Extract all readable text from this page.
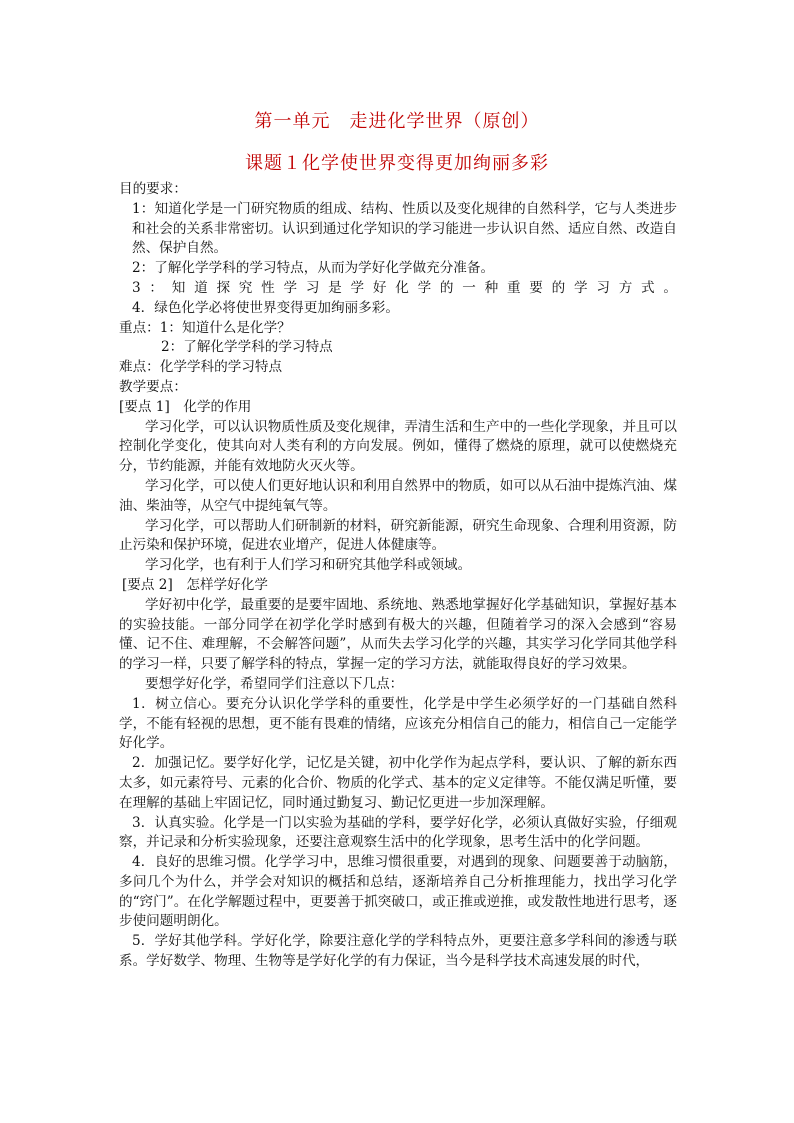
第一单元　走进化学世界（原创）
课题１化学使世界变得更加绚丽多彩

目的要求：

1：知道化学是一门研究物质的组成、结构、性质以及变化规律的自然科学，它与人类进步和社会的关系非常密切。认识到通过化学知识的学习能进一步认识自然、适应自然、改造自然、保护自然。

2：了解化学学科的学习特点，从而为学好化学做充分准备。

3：知道探究性学习是学好化学的一种重要的学习方式。

4．绿色化学必将使世界变得更加绚丽多彩。

重点：1：知道什么是化学？

2：了解化学学科的学习特点

难点：化学学科的学习特点

教学要点：

[要点 1]　化学的作用

学习化学，可以认识物质性质及变化规律，弄清生活和生产中的一些化学现象，并且可以控制化学变化，使其向对人类有利的方向发展。例如，懂得了燃烧的原理，就可以使燃烧充分，节约能源，并能有效地防火灭火等。

学习化学，可以使人们更好地认识和利用自然界中的物质，如可以从石油中提炼汽油、煤油、柴油等，从空气中提纯氧气等。

学习化学，可以帮助人们研制新的材料，研究新能源，研究生命现象、合理利用资源，防止污染和保护环境，促进农业增产，促进人体健康等。

学习化学，也有利于人们学习和研究其他学科或领域。

[要点 2]　怎样学好化学

学好初中化学，最重要的是要牢固地、系统地、熟悉地掌握好化学基础知识，掌握好基本的实验技能。一部分同学在初学化学时感到有极大的兴趣，但随着学习的深入会感到“容易懂、记不住、难理解，不会解答问题”，从而失去学习化学的兴趣，其实学习化学同其他学科的学习一样，只要了解学科的特点，掌握一定的学习方法，就能取得良好的学习效果。

要想学好化学，希望同学们注意以下几点：

1．树立信心。要充分认识化学学科的重要性，化学是中学生必须学好的一门基础自然科学，不能有轻视的思想，更不能有畏难的情绪，应该充分相信自己的能力，相信自己一定能学好化学。

2．加强记忆。要学好化学，记忆是关键，初中化学作为起点学科，要认识、了解的新东西太多，如元素符号、元素的化合价、物质的化学式、基本的定义定律等。不能仅满足听懂，要在理解的基础上牢固记忆，同时通过勤复习、勤记忆更进一步加深理解。

3．认真实验。化学是一门以实验为基础的学科，要学好化学，必须认真做好实验，仔细观察，并记录和分析实验现象，还要注意观察生活中的化学现象，思考生活中的化学问题。

4．良好的思维习惯。化学学习中，思维习惯很重要，对遇到的现象、问题要善于动脑筋，多问几个为什么，并学会对知识的概括和总结，逐渐培养自己分析推理能力，找出学习化学的“窍门”。在化学解题过程中，更要善于抓突破口，或正推或逆推，或发散性地进行思考，逐步使问题明朗化。

5．学好其他学科。学好化学，除要注意化学的学科特点外，更要注意多学科间的渗透与联系。学好数学、物理、生物等是学好化学的有力保证，当今是科学技术高速发展的时代，
